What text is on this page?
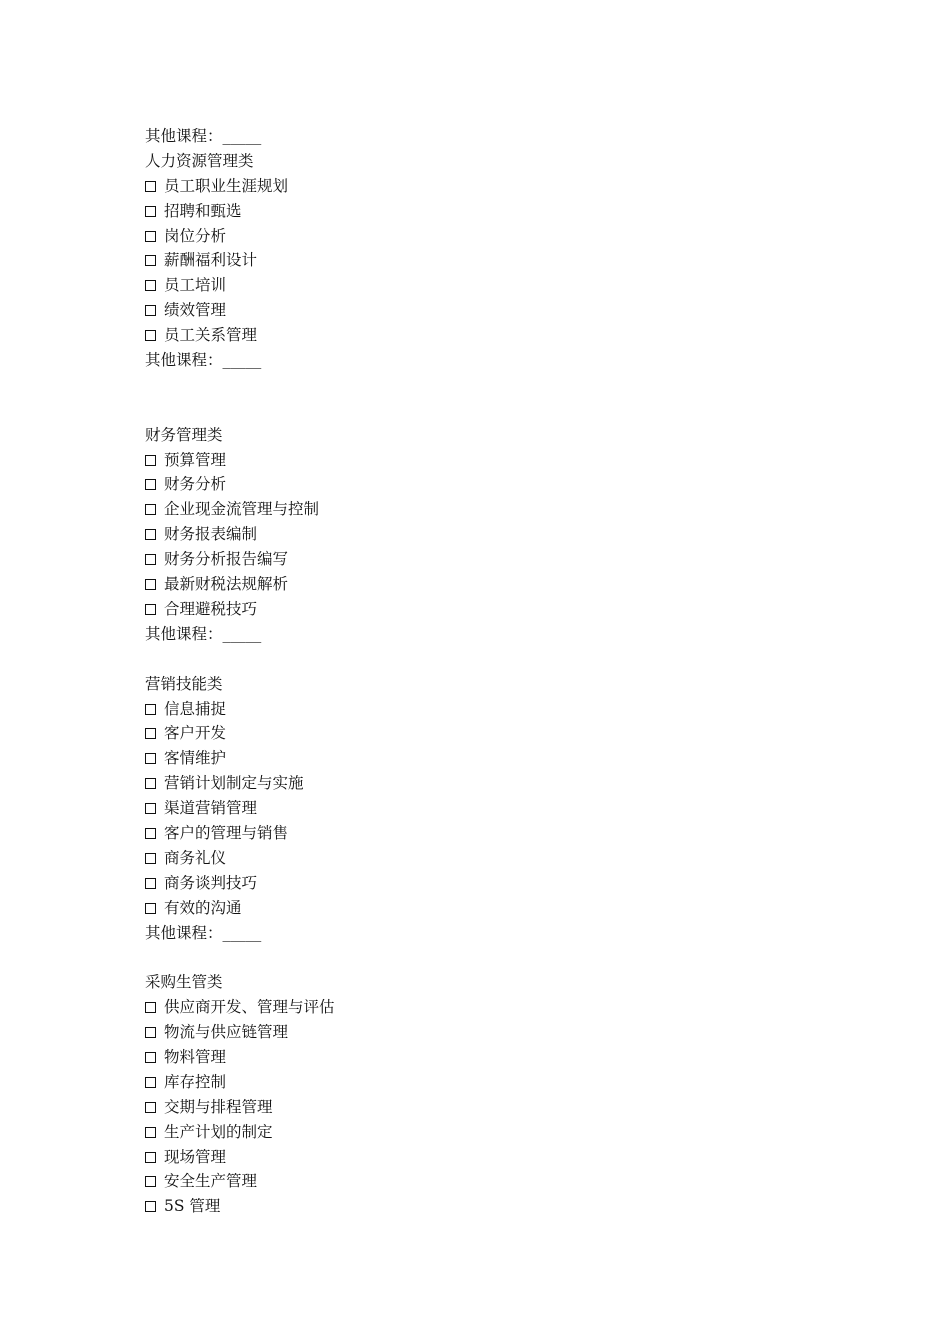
其他课程：_____
人力资源管理类
员工职业生涯规划
招聘和甄选
岗位分析
薪酬福利设计
员工培训
绩效管理
员工关系管理
其他课程：_____
财务管理类
预算管理
财务分析
企业现金流管理与控制
财务报表编制
财务分析报告编写
最新财税法规解析
合理避税技巧
其他课程：_____
营销技能类
信息捕捉
客户开发
客情维护
营销计划制定与实施
渠道营销管理
客户的管理与销售
商务礼仪
商务谈判技巧
有效的沟通
其他课程：_____
采购生管类
供应商开发、管理与评估
物流与供应链管理
物料管理
库存控制
交期与排程管理
生产计划的制定
现场管理
安全生产管理
5S 管理
